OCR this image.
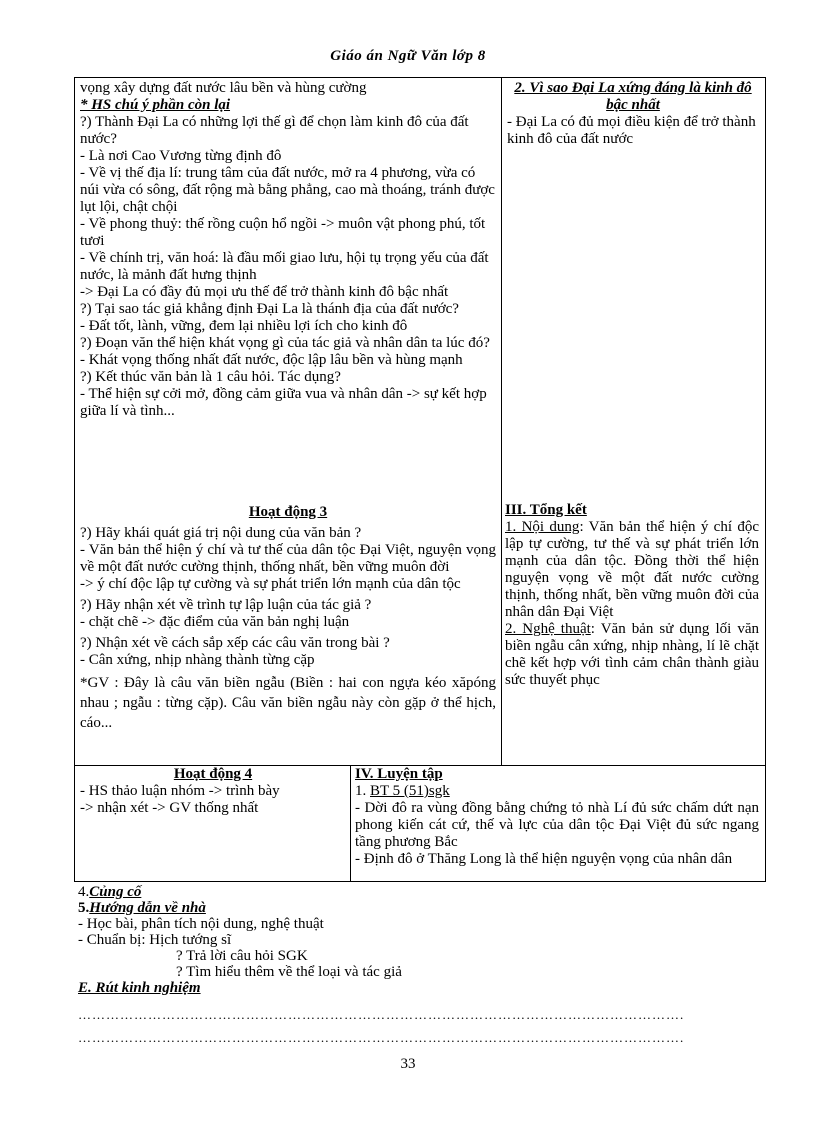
Giáo án Ngữ Văn lớp 8
vọng xây dựng đất nước lâu bền và hùng cường
* HS chú ý phần còn lại
?) Thành Đại La có những lợi thế gì để chọn làm kinh đô của đất nước?
- Là nơi Cao Vương từng định đô
- Về vị thế địa lí: trung tâm của đất nước, mở ra 4 phương, vừa có núi vừa có sông, đất rộng mà bằng phẳng, cao mà thoáng, tránh được lụt lội, chật chội
- Về phong thuỷ: thế rồng cuộn hổ ngồi -> muôn vật phong phú, tốt tươi
- Về chính trị, văn hoá: là đầu mối giao lưu, hội tụ trọng yếu của đất nước, là mảnh đất hưng thịnh
-> Đại La có đầy đủ mọi ưu thế để trở thành kinh đô bậc nhất
?) Tại sao tác giả khẳng định Đại La là thánh địa của đất nước?
- Đất tốt, lành, vững, đem lại nhiều lợi ích cho kinh đô
?) Đoạn văn thể hiện khát vọng gì của tác giả và nhân dân ta lúc đó?
- Khát vọng thống nhất đất nước, độc lập lâu bền và hùng mạnh
?) Kết thúc văn bản là 1 câu hỏi. Tác dụng?
- Thể hiện sự cởi mở, đồng cảm giữa vua và nhân dân -> sự kết hợp giữa lí và tình...
2. Vì sao Đại La xứng đáng là kinh đô bậc nhất
- Đại La có đủ mọi điều kiện để trở thành kinh đô của đất nước
Hoạt động 3
?) Hãy khái quát giá trị nội dung của văn bản ?
- Văn bản thể hiện ý chí và tư thế của dân tộc Đại Việt, nguyện vọng về một đất nước cường thịnh, thống nhất, bền vững muôn đời
-> ý chí độc lập tự cường và sự phát triển lớn mạnh của dân tộc
?) Hãy nhận xét về trình tự lập luận của tác giả ?
- chặt chẽ -> đặc điểm của văn bản nghị luận
?) Nhận xét về cách sắp xếp các câu văn trong bài ?
- Cân xứng, nhịp nhàng thành từng cặp
*GV : Đây là câu văn biền ngẫu (Biền : hai con ngựa kéo xăpóng nhau ; ngẫu : từng cặp). Câu văn biền ngẫu này còn gặp ở thể hịch, cáo...
III. Tổng kết
1. Nội dung: Văn bản thể hiện ý chí độc lập tự cường, tư thế và sự phát triển lớn mạnh của dân tộc. Đồng thời thể hiện nguyện vọng về một đất nước cường thịnh, thống nhất, bền vững muôn đời của nhân dân Đại Việt
2. Nghệ thuật: Văn bản sử dụng lối văn biền ngẫu cân xứng, nhịp nhàng, lí lẽ chặt chẽ kết hợp với tình cảm chân thành giàu sức thuyết phục
Hoạt động 4
- HS thảo luận nhóm -> trình bày
-> nhận xét -> GV thống nhất
IV. Luyện tập
1. BT 5 (51)sgk
- Dời đô ra vùng đồng bằng chứng tỏ nhà Lí đủ sức chấm dứt nạn phong kiến cát cứ, thế và lực của dân tộc Đại Việt đủ sức ngang tầng phương Bắc
- Định đô ở Thăng Long là thể hiện nguyện vọng của nhân dân
4.Củng cố
5.Hướng dẫn về nhà
- Học bài, phân tích nội dung, nghệ thuật
- Chuẩn bị: Hịch tướng sĩ
? Trả lời câu hỏi SGK
? Tìm hiểu thêm về thể loại và tác giả
E. Rút kinh nghiệm
………………………………………………………………………………………………………………….
………………………………………………………………………………………………………………….
33
